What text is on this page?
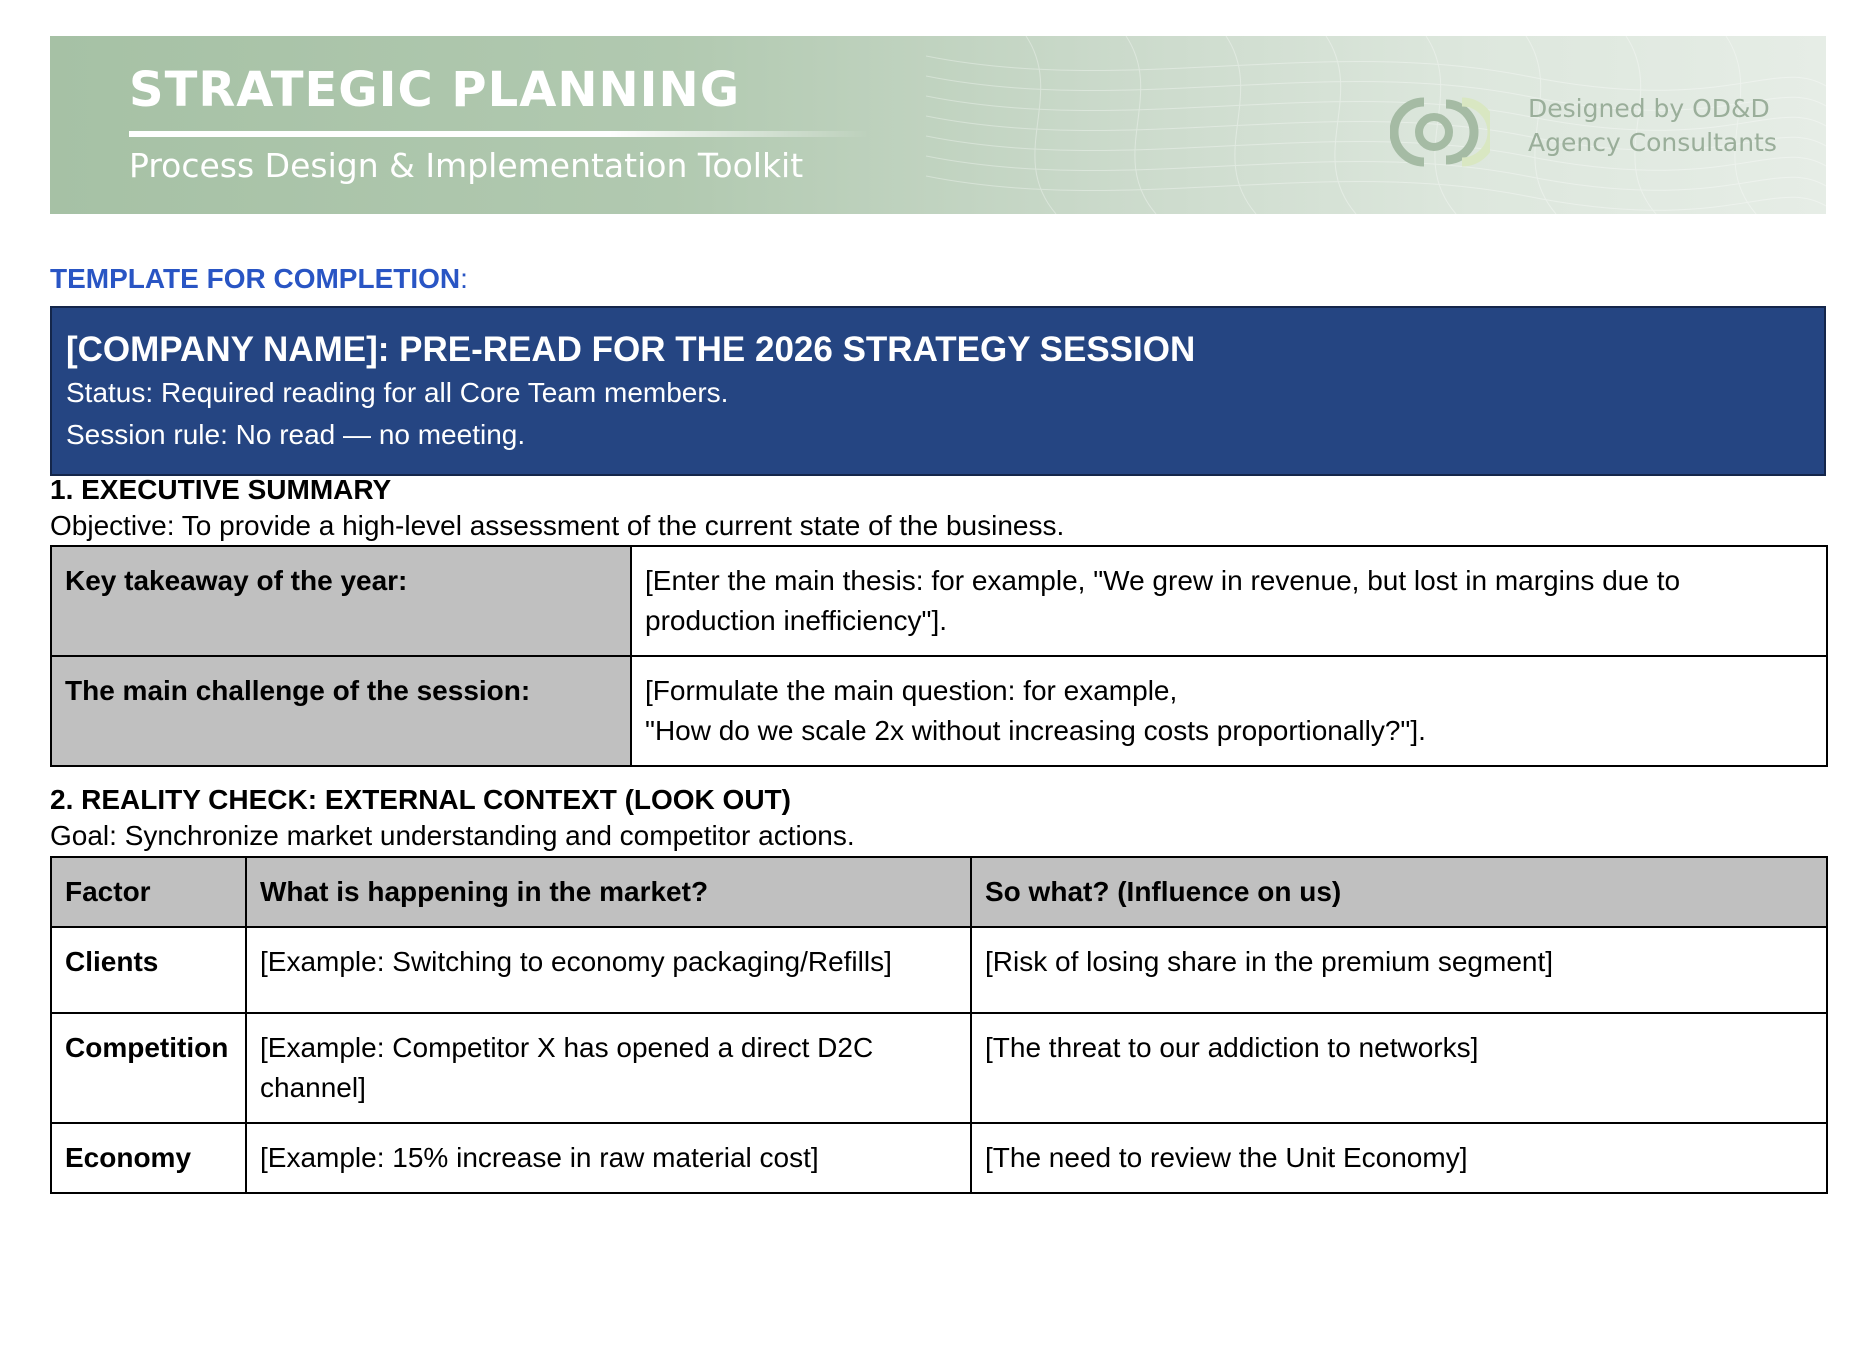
STRATEGIC PLANNING
Process Design & Implementation Toolkit
Designed by OD&D
Agency Consultants
TEMPLATE FOR COMPLETION:
[COMPANY NAME]: PRE-READ FOR THE 2026 STRATEGY SESSION
Status: Required reading for all Core Team members.
Session rule: No read — no meeting.
1. EXECUTIVE SUMMARY
Objective: To provide a high-level assessment of the current state of the business.
Key takeaway of the year:	[Enter the main thesis: for example, "We grew in revenue, but lost in margins due to production inefficiency"].
The main challenge of the session:	[Formulate the main question: for example,
"How do we scale 2x without increasing costs proportionally?"].
2. REALITY CHECK: EXTERNAL CONTEXT (LOOK OUT)
Goal: Synchronize market understanding and competitor actions.
Factor	What is happening in the market?	So what? (Influence on us)
Clients	[Example: Switching to economy packaging/Refills]	[Risk of losing share in the premium segment]
Competition	[Example: Competitor X has opened a direct D2C channel]	[The threat to our addiction to networks]
Economy	[Example: 15% increase in raw material cost]	[The need to review the Unit Economy]
